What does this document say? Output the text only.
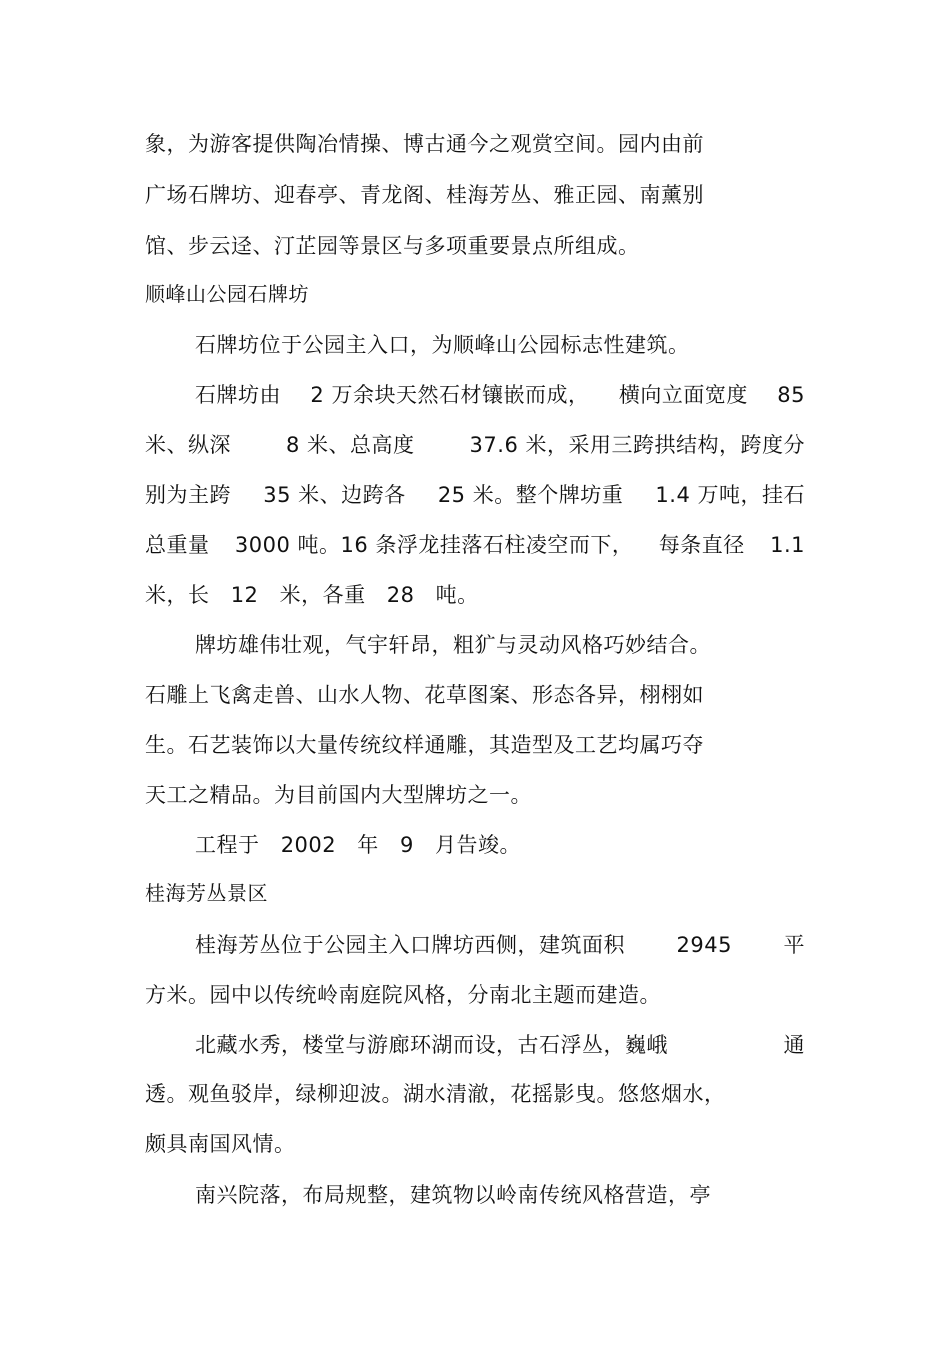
象，为游客提供陶冶情操、博古通今之观赏空间。园内由前
广场石牌坊、迎春亭、青龙阁、桂海芳丛、雅正园、南薰别
馆、步云迳、汀芷园等景区与多项重要景点所组成。
顺峰山公园石牌坊
石牌坊位于公园主入口，为顺峰山公园标志性建筑。
石牌坊由 2 万余块天然石材镶嵌而成， 横向立面宽度 85
米、纵深	8 米、总高度	37.6 米，采用三跨拱结构，跨度分
别为主跨 35 米、边跨各 25 米。整个牌坊重 1.4 万吨，挂石
总重量 3000 吨。16 条浮龙挂落石柱凌空而下， 每条直径 1.1
米，长 12 米，各重 28 吨。
牌坊雄伟壮观，气宇轩昂，粗犷与灵动风格巧妙结合。
石雕上飞禽走兽、山水人物、花草图案、形态各异，栩栩如
生。石艺装饰以大量传统纹样通雕，其造型及工艺均属巧夺
天工之精品。为目前国内大型牌坊之一。
工程于 2002 年 9 月告竣。
桂海芳丛景区
桂海芳丛位于公园主入口牌坊西侧，建筑面积 2945 平
方米。园中以传统岭南庭院风格，分南北主题而建造。
北藏水秀，楼堂与游廊环湖而设，古石浮丛，巍峨	通
透。观鱼驳岸，绿柳迎波。湖水清澈，花摇影曳。悠悠烟水，
颇具南国风情。
南兴院落，布局规整，建筑物以岭南传统风格营造，亭
